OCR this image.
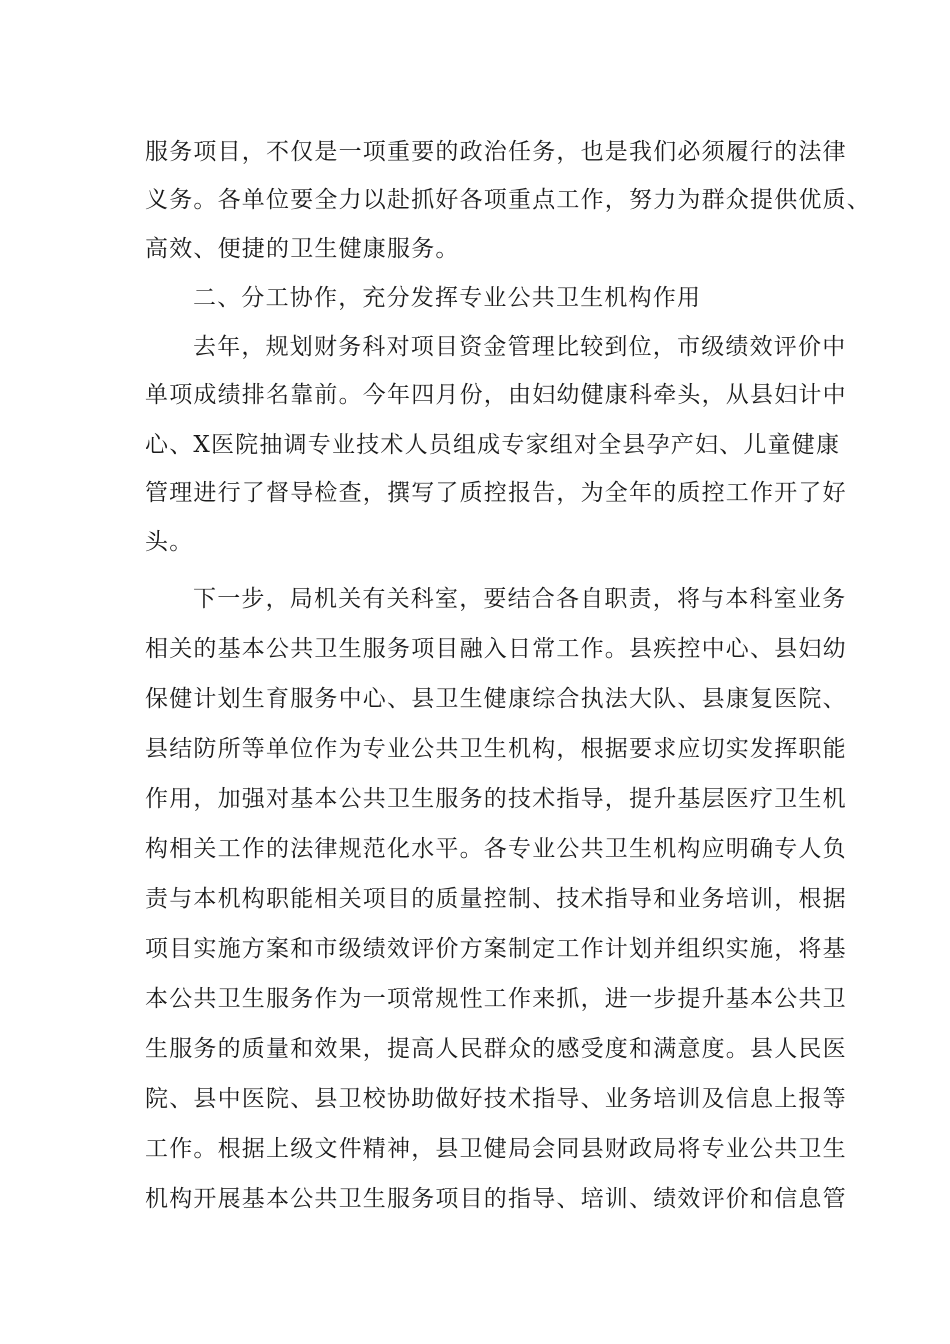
服务项目，不仅是一项重要的政治任务，也是我们必须履行的法律
义务。各单位要全力以赴抓好各项重点工作，努力为群众提供优质、
高效、便捷的卫生健康服务。
二、分工协作，充分发挥专业公共卫生机构作用
去年，规划财务科对项目资金管理比较到位，市级绩效评价中
单项成绩排名靠前。今年四月份，由妇幼健康科牵头，从县妇计中
心、X医院抽调专业技术人员组成专家组对全县孕产妇、儿童健康
管理进行了督导检查，撰写了质控报告，为全年的质控工作开了好
头。
下一步，局机关有关科室，要结合各自职责，将与本科室业务
相关的基本公共卫生服务项目融入日常工作。县疾控中心、县妇幼
保健计划生育服务中心、县卫生健康综合执法大队、县康复医院、
县结防所等单位作为专业公共卫生机构，根据要求应切实发挥职能
作用，加强对基本公共卫生服务的技术指导，提升基层医疗卫生机
构相关工作的法律规范化水平。各专业公共卫生机构应明确专人负
责与本机构职能相关项目的质量控制、技术指导和业务培训，根据
项目实施方案和市级绩效评价方案制定工作计划并组织实施，将基
本公共卫生服务作为一项常规性工作来抓，进一步提升基本公共卫
生服务的质量和效果，提高人民群众的感受度和满意度。县人民医
院、县中医院、县卫校协助做好技术指导、业务培训及信息上报等
工作。根据上级文件精神，县卫健局会同县财政局将专业公共卫生
机构开展基本公共卫生服务项目的指导、培训、绩效评价和信息管
